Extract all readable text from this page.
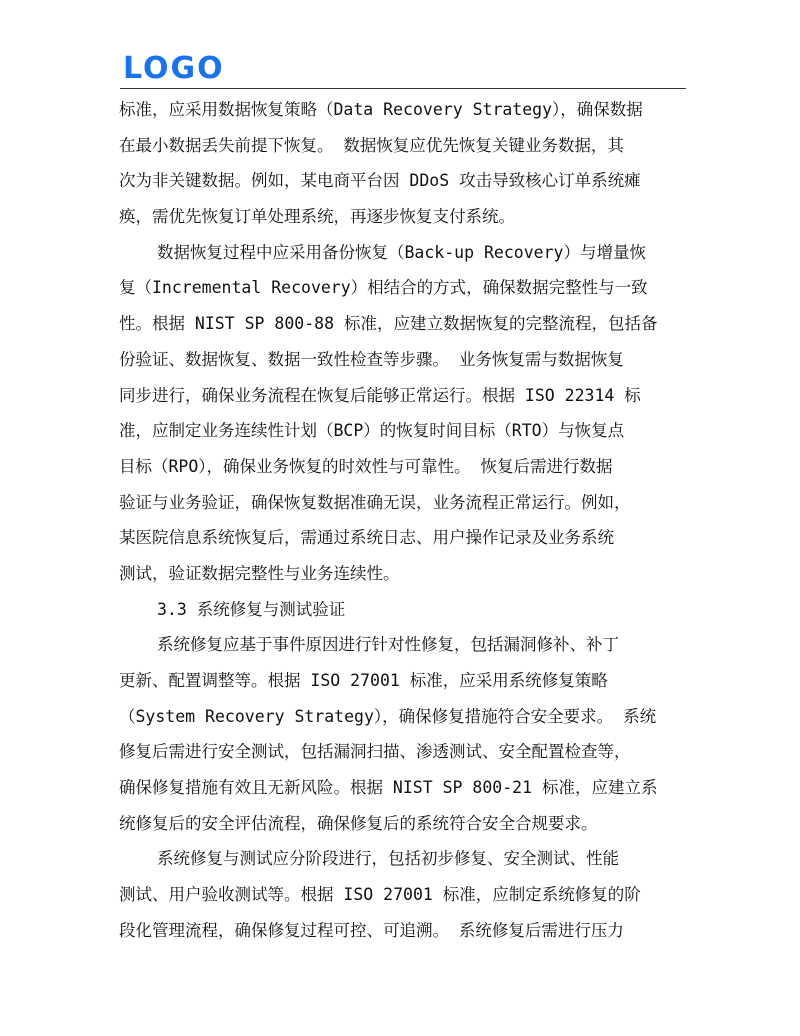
LOGO
标准，应采用数据恢复策略（Data Recovery Strategy），确保数据
在最小数据丢失前提下恢复。 数据恢复应优先恢复关键业务数据，其
次为非关键数据。例如，某电商平台因 DDoS 攻击导致核心订单系统瘫
痪，需优先恢复订单处理系统，再逐步恢复支付系统。
数据恢复过程中应采用备份恢复（Back-up Recovery）与增量恢
复（Incremental Recovery）相结合的方式，确保数据完整性与一致
性。根据 NIST SP 800-88 标准，应建立数据恢复的完整流程，包括备
份验证、数据恢复、数据一致性检查等步骤。 业务恢复需与数据恢复
同步进行，确保业务流程在恢复后能够正常运行。根据 ISO 22314 标
准，应制定业务连续性计划（BCP）的恢复时间目标（RTO）与恢复点
目标（RPO），确保业务恢复的时效性与可靠性。 恢复后需进行数据
验证与业务验证，确保恢复数据准确无误，业务流程正常运行。例如，
某医院信息系统恢复后，需通过系统日志、用户操作记录及业务系统
测试，验证数据完整性与业务连续性。
3.3 系统修复与测试验证
系统修复应基于事件原因进行针对性修复，包括漏洞修补、补丁
更新、配置调整等。根据 ISO 27001 标准，应采用系统修复策略
（System Recovery Strategy），确保修复措施符合安全要求。 系统
修复后需进行安全测试，包括漏洞扫描、渗透测试、安全配置检查等，
确保修复措施有效且无新风险。根据 NIST SP 800-21 标准，应建立系
统修复后的安全评估流程，确保修复后的系统符合安全合规要求。
系统修复与测试应分阶段进行，包括初步修复、安全测试、性能
测试、用户验收测试等。根据 ISO 27001 标准，应制定系统修复的阶
段化管理流程，确保修复过程可控、可追溯。 系统修复后需进行压力
